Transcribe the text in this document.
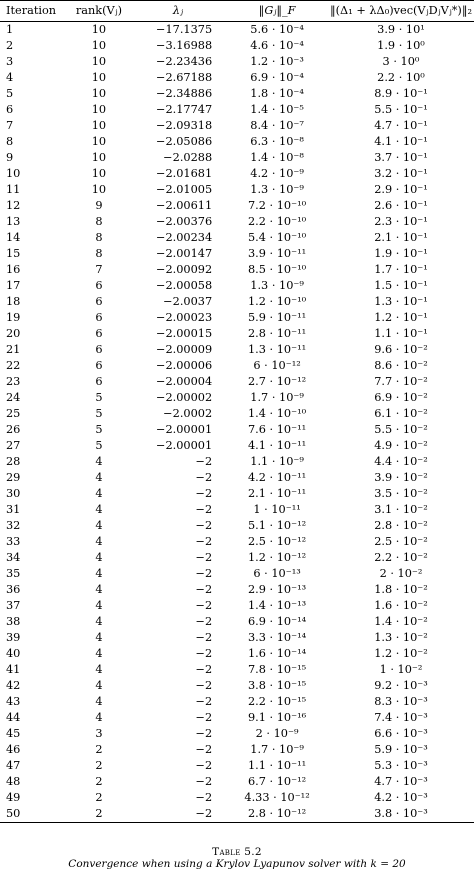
Iteration	rank(Vⱼ)	λⱼ	‖Gⱼ‖_F	‖(Δ₁ + λΔ₀)vec(VⱼDⱼVⱼ*)‖₂
1	10	−17.1375	5.6 · 10⁻⁴	3.9 · 10¹
2	10	−3.16988	4.6 · 10⁻⁴	1.9 · 10⁰
3	10	−2.23436	1.2 · 10⁻³	3 · 10⁰
4	10	−2.67188	6.9 · 10⁻⁴	2.2 · 10⁰
5	10	−2.34886	1.8 · 10⁻⁴	8.9 · 10⁻¹
6	10	−2.17747	1.4 · 10⁻⁵	5.5 · 10⁻¹
7	10	−2.09318	8.4 · 10⁻⁷	4.7 · 10⁻¹
8	10	−2.05086	6.3 · 10⁻⁸	4.1 · 10⁻¹
9	10	−2.0288	1.4 · 10⁻⁸	3.7 · 10⁻¹
10	10	−2.01681	4.2 · 10⁻⁹	3.2 · 10⁻¹
11	10	−2.01005	1.3 · 10⁻⁹	2.9 · 10⁻¹
12	9	−2.00611	7.2 · 10⁻¹⁰	2.6 · 10⁻¹
13	8	−2.00376	2.2 · 10⁻¹⁰	2.3 · 10⁻¹
14	8	−2.00234	5.4 · 10⁻¹⁰	2.1 · 10⁻¹
15	8	−2.00147	3.9 · 10⁻¹¹	1.9 · 10⁻¹
16	7	−2.00092	8.5 · 10⁻¹⁰	1.7 · 10⁻¹
17	6	−2.00058	1.3 · 10⁻⁹	1.5 · 10⁻¹
18	6	−2.0037	1.2 · 10⁻¹⁰	1.3 · 10⁻¹
19	6	−2.00023	5.9 · 10⁻¹¹	1.2 · 10⁻¹
20	6	−2.00015	2.8 · 10⁻¹¹	1.1 · 10⁻¹
21	6	−2.00009	1.3 · 10⁻¹¹	9.6 · 10⁻²
22	6	−2.00006	6 · 10⁻¹²	8.6 · 10⁻²
23	6	−2.00004	2.7 · 10⁻¹²	7.7 · 10⁻²
24	5	−2.00002	1.7 · 10⁻⁹	6.9 · 10⁻²
25	5	−2.0002	1.4 · 10⁻¹⁰	6.1 · 10⁻²
26	5	−2.00001	7.6 · 10⁻¹¹	5.5 · 10⁻²
27	5	−2.00001	4.1 · 10⁻¹¹	4.9 · 10⁻²
28	4	−2	1.1 · 10⁻⁹	4.4 · 10⁻²
29	4	−2	4.2 · 10⁻¹¹	3.9 · 10⁻²
30	4	−2	2.1 · 10⁻¹¹	3.5 · 10⁻²
31	4	−2	1 · 10⁻¹¹	3.1 · 10⁻²
32	4	−2	5.1 · 10⁻¹²	2.8 · 10⁻²
33	4	−2	2.5 · 10⁻¹²	2.5 · 10⁻²
34	4	−2	1.2 · 10⁻¹²	2.2 · 10⁻²
35	4	−2	6 · 10⁻¹³	2 · 10⁻²
36	4	−2	2.9 · 10⁻¹³	1.8 · 10⁻²
37	4	−2	1.4 · 10⁻¹³	1.6 · 10⁻²
38	4	−2	6.9 · 10⁻¹⁴	1.4 · 10⁻²
39	4	−2	3.3 · 10⁻¹⁴	1.3 · 10⁻²
40	4	−2	1.6 · 10⁻¹⁴	1.2 · 10⁻²
41	4	−2	7.8 · 10⁻¹⁵	1 · 10⁻²
42	4	−2	3.8 · 10⁻¹⁵	9.2 · 10⁻³
43	4	−2	2.2 · 10⁻¹⁵	8.3 · 10⁻³
44	4	−2	9.1 · 10⁻¹⁶	7.4 · 10⁻³
45	3	−2	2 · 10⁻⁹	6.6 · 10⁻³
46	2	−2	1.7 · 10⁻⁹	5.9 · 10⁻³
47	2	−2	1.1 · 10⁻¹¹	5.3 · 10⁻³
48	2	−2	6.7 · 10⁻¹²	4.7 · 10⁻³
49	2	−2	4.33 · 10⁻¹²	4.2 · 10⁻³
50	2	−2	2.8 · 10⁻¹²	3.8 · 10⁻³
Table 5.2
Convergence when using a Krylov Lyapunov solver with k = 20
